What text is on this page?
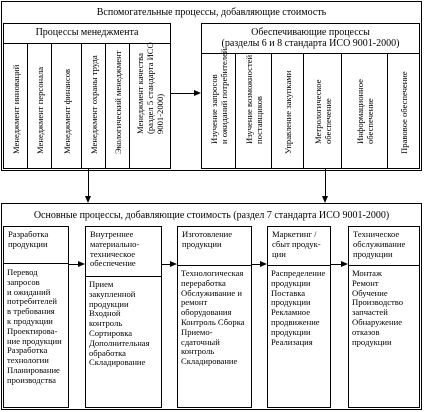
Вспомогательные процессы, добавляющие стоимость
Процессы менеджмента
Менеджмент инноваций Менеджмент персонала Менеджмент финансов Менеджмент охраны труда Экологический менеджмент Менеджмент качества
(раздел 5 стандарта ИСО
9001-2000)
Обеспечивающие процессы
(разделы 6 и 8 стандарта ИСО 9001-2000)
Изучение запросов
и ожиданий потребителей
Изучение возможностей
поставщиков Управление закупками Метрологическое
обеспечение	Информационное
обеспечение	Правовое обеспечение
Основные процессы, добавляющие стоимость (раздел 7 стандарта ИСО 9001-2000)
Разработка
продукции
Перевод
запросов
и ожиданий
потребителей
в требования
к продукции
Проектирова-
ние продукции
Разработка
технологии
Планирование
производства
Внутреннее
материально-
техническое
обеспечение
Прием
закупленной
продукции
Входной
контроль
Сортировка
Дополнительная
обработка
Складирование
Изготовление
продукции
Технологическая
переработка
Обслуживание и
ремонт
оборудования
Контроль Сборка
Приемо-
сдаточный
контроль
Складирование
Маркетинг /
сбыт продук-
ции
Распределение
продукции
Поставка
продукции
Рекламное
продвижение
продукции
Реализация
Техническое
обслуживание
продукции
Монтаж
Ремонт
Обучение
Производство
запчастей
Обнаружение
отказов
продукции
